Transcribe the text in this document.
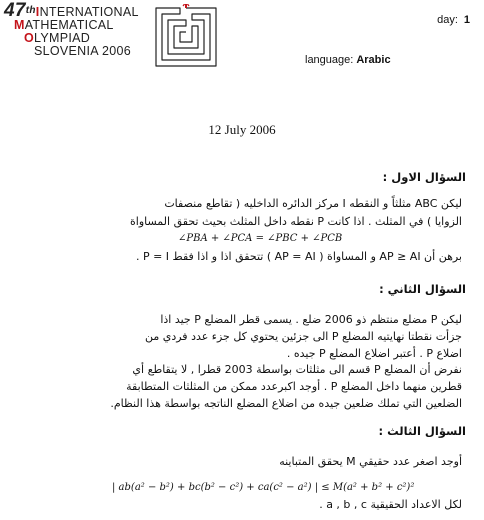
47thINTERNATIONAL
MATHEMATICAL
OLYMPIAD
SLOVENIA 2006
day: 1
language: Arabic
12 July 2006
السؤال الاول :
ليكن ABC مثلثاً و النقطه I مركز الدائره الداخليه ( تقاطع منصفات
الزوايا ) في المثلث . اذا كانت P نقطه داخل المثلث بحيث تحقق المساواة
∠PBA + ∠PCA = ∠PBC + ∠PCB
برهن أن AP ≥ AI و المساواة ( AP = AI ) تتحقق اذا و اذا فقط P = I .
السؤال الثاني :
ليكن P مضلع منتظم ذو 2006 ضلع . يسمى قطر المضلع P جيد اذا
جزأت نقطتا نهايتيه المضلع P الى جزئين يحتوي كل جزء عدد فردي من
اضلاع P . أعتبر اضلاع المضلع P جيده .
نفرض أن المضلع P قسم الى مثلثات بواسطة 2003 قطرا , لا يتقاطع أي
قطرين منهما داخل المضلع P . أوجد اكبرعدد ممكن من المثلثات المتطابقة
الضلعين التي تملك ضلعين جيده من اضلاع المضلع الناتجه بواسطة هذا النظام.
السؤال الثالث :
أوجد اصغر عدد حقيقي M يحقق المتباينه
| ab(a² − b²) + bc(b² − c²) + ca(c² − a²) | ≤ M(a² + b² + c²)²
لكل الاعداد الحقيقية a , b , c .
